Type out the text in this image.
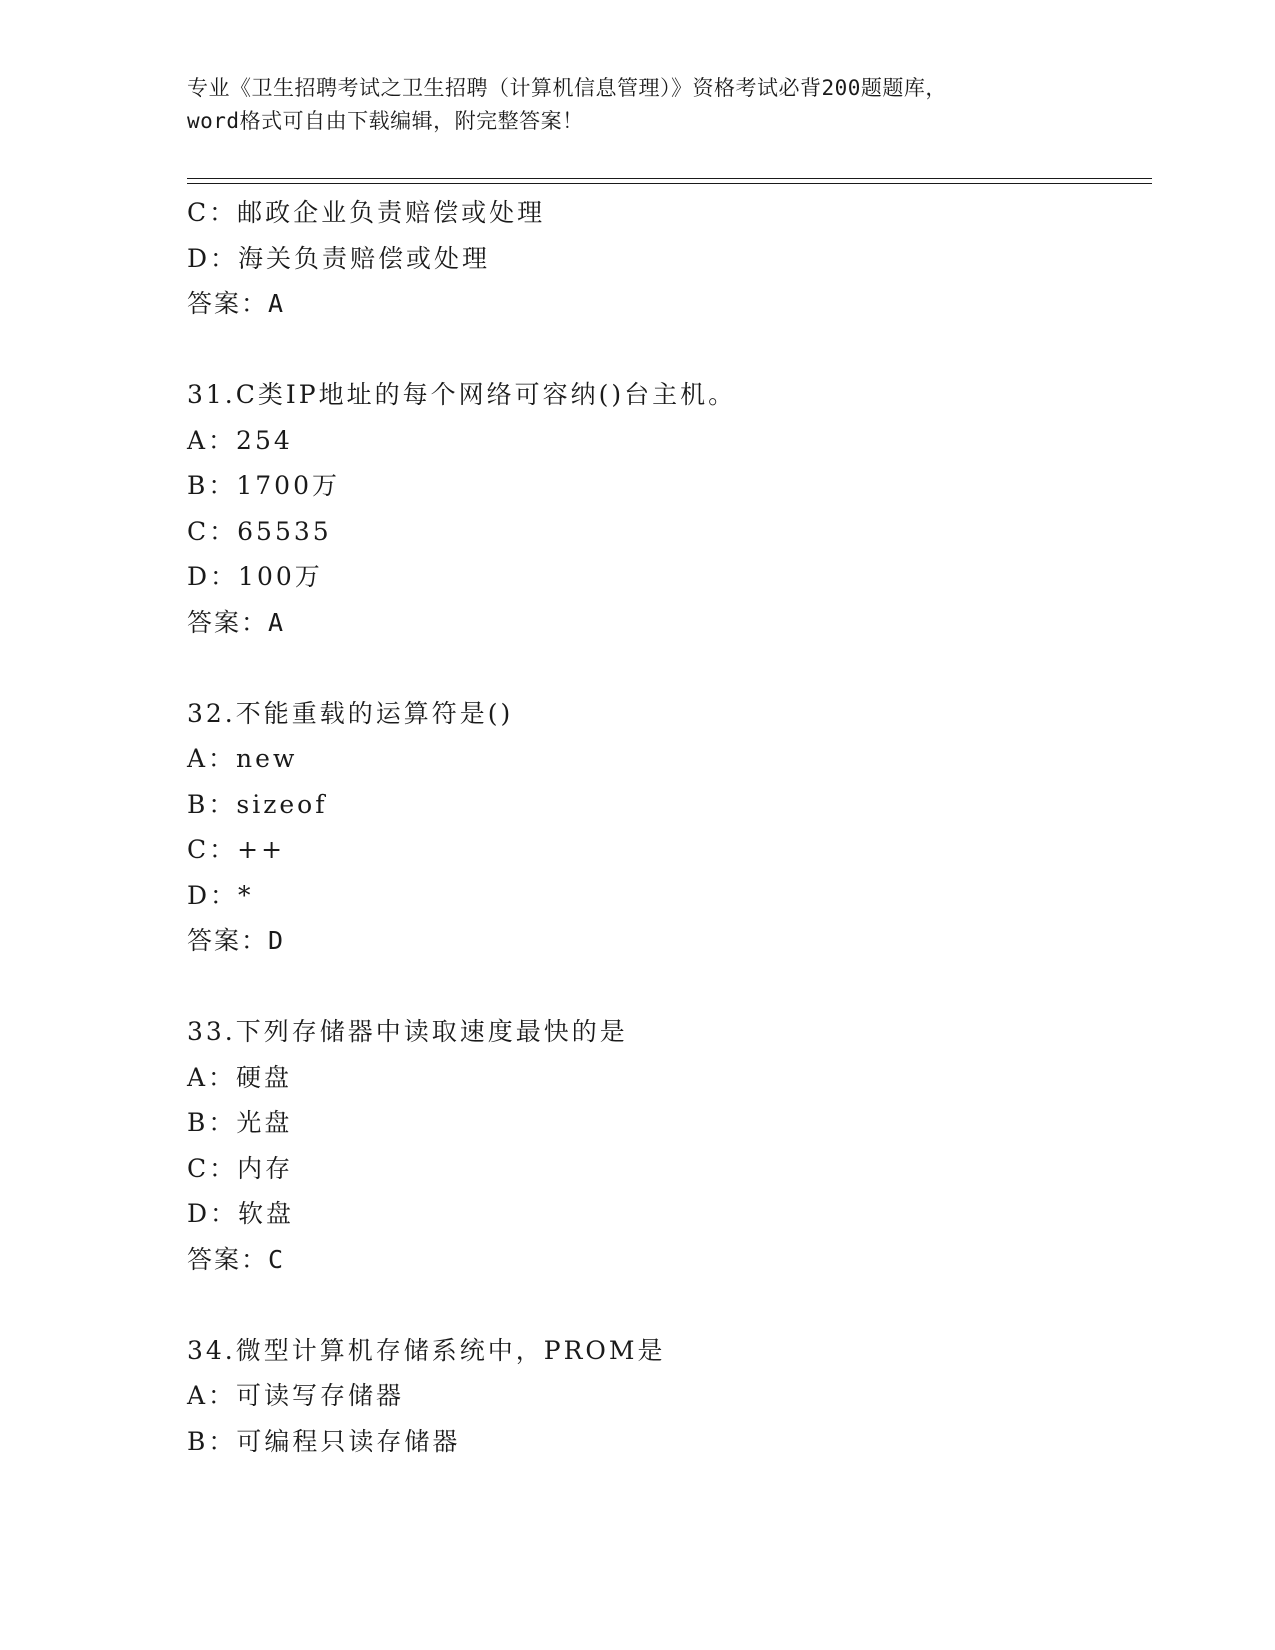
专业《卫生招聘考试之卫生招聘（计算机信息管理）》资格考试必背200题题库，
word格式可自由下载编辑，附完整答案！
C：邮政企业负责赔偿或处理
D：海关负责赔偿或处理
答案：A
31.C类IP地址的每个网络可容纳()台主机。
A：254
B：1700万
C：65535
D：100万
答案：A
32.不能重载的运算符是()
A：new
B：sizeof
C：++
D：*
答案：D
33.下列存储器中读取速度最快的是
A：硬盘
B：光盘
C：内存
D：软盘
答案：C
34.微型计算机存储系统中，PROM是
A：可读写存储器
B：可编程只读存储器
